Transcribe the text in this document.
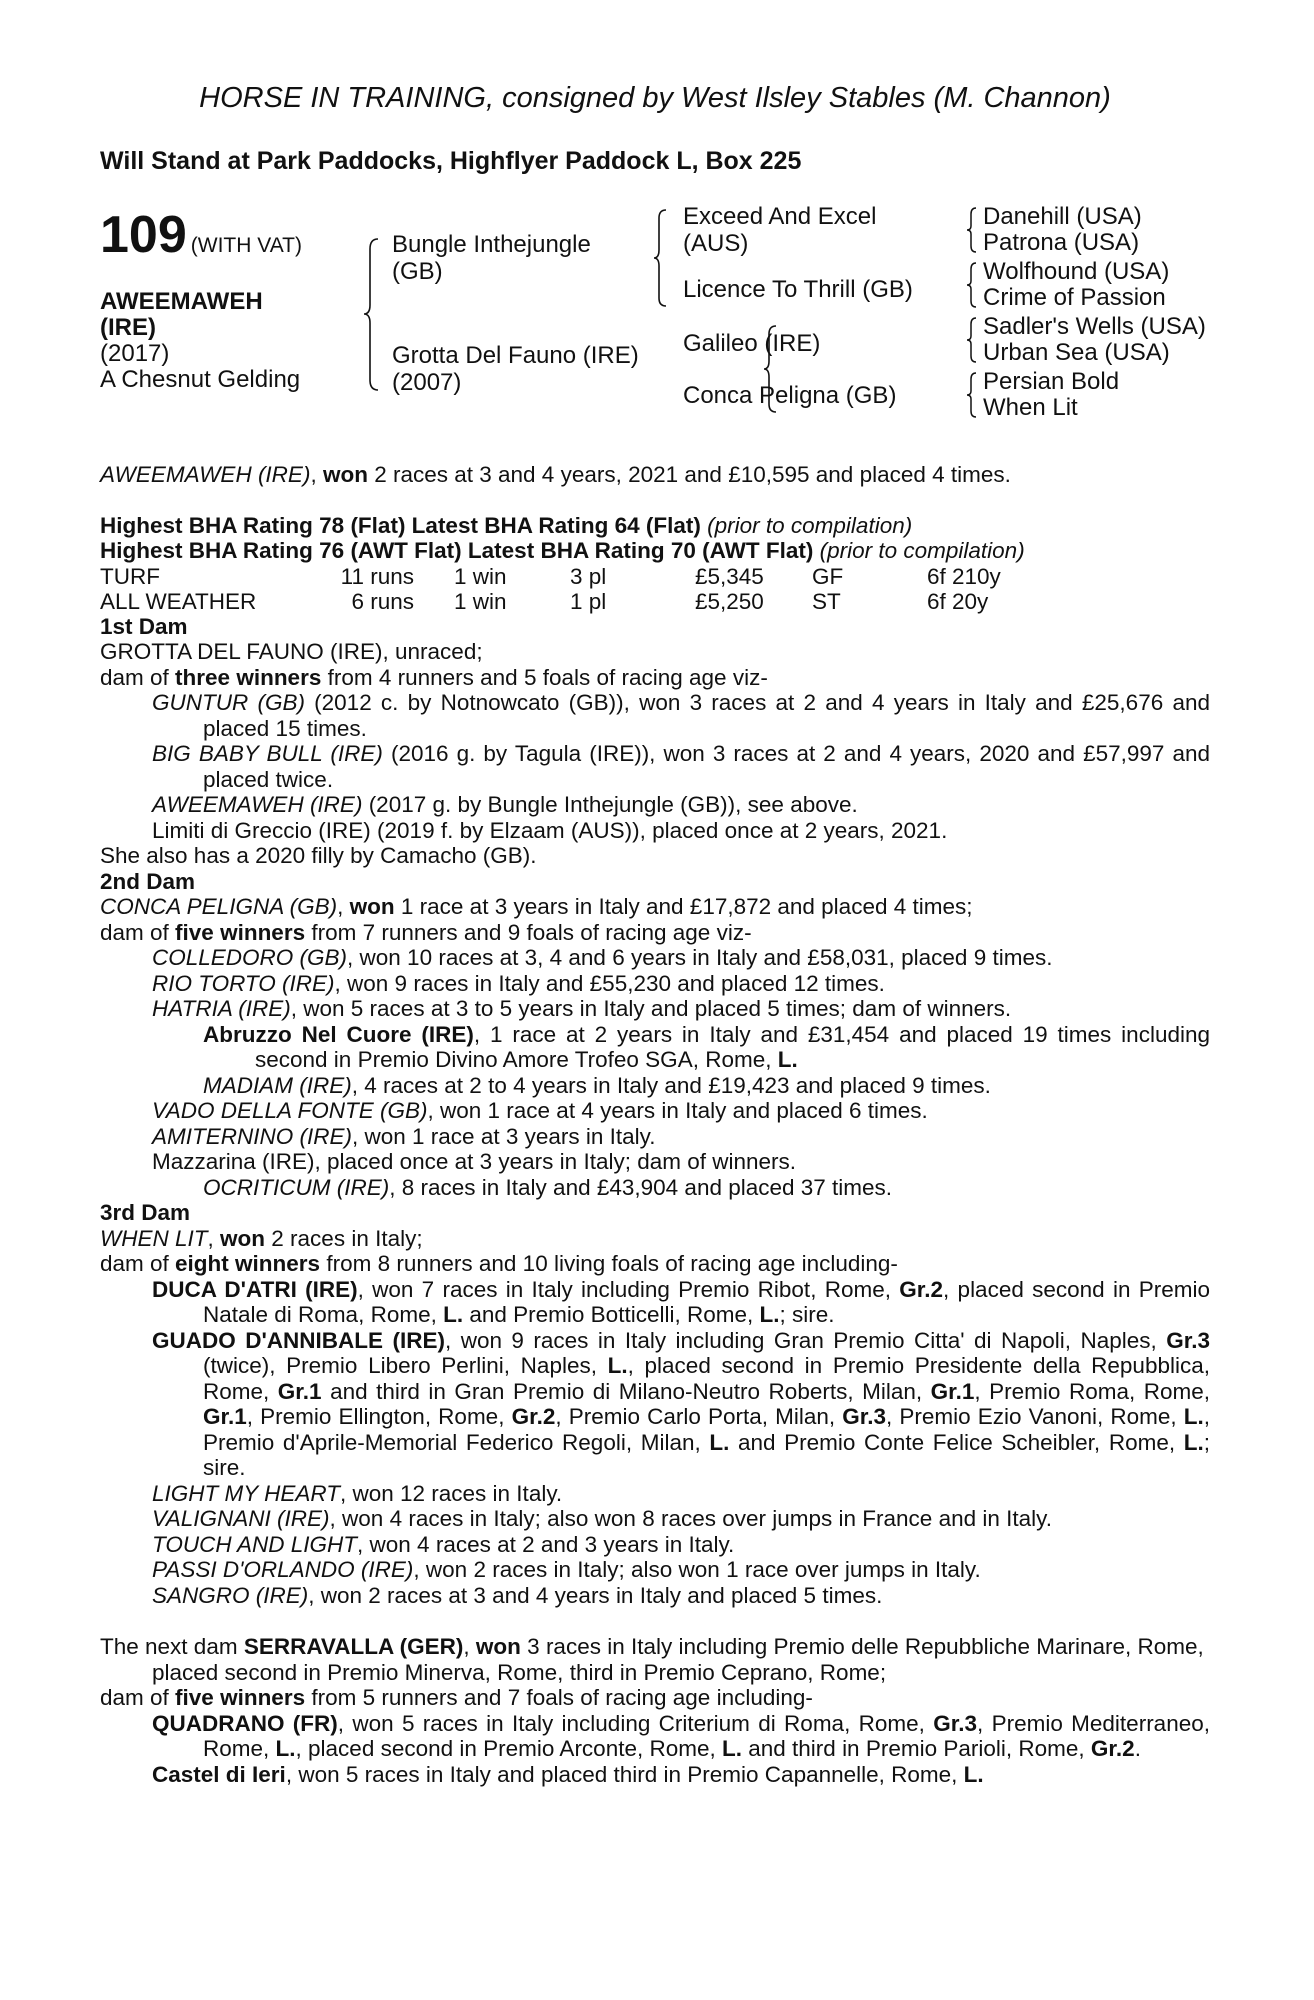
HORSE IN TRAINING, consigned by West Ilsley Stables (M. Channon)
Will Stand at Park Paddocks, Highflyer Paddock L, Box 225
109 (WITH VAT)
AWEEMAWEH
(IRE)
(2017)
A Chesnut Gelding
Bungle Inthejungle
(GB)
Grotta Del Fauno (IRE)
(2007)
Exceed And Excel
(AUS)
Licence To Thrill (GB)
Galileo (IRE)
Conca Peligna (GB)
Danehill (USA)
Patrona (USA)
Wolfhound (USA)
Crime of Passion
Sadler's Wells (USA)
Urban Sea (USA)
Persian Bold
When Lit

AWEEMAWEH (IRE), won 2 races at 3 and 4 years, 2021 and £10,595 and placed 4 times.

Highest BHA Rating 78 (Flat) Latest BHA Rating 64 (Flat) (prior to compilation)

Highest BHA Rating 76 (AWT Flat) Latest BHA Rating 70 (AWT Flat) (prior to compilation)

TURF	11 runs	1 win	3 pl	£5,345	GF	6f 210y
ALL WEATHER	6 runs	1 win	1 pl	£5,250	ST	6f 20y

1st Dam

GROTTA DEL FAUNO (IRE), unraced;

dam of three winners from 4 runners and 5 foals of racing age viz-

GUNTUR (GB) (2012 c. by Notnowcato (GB)), won 3 races at 2 and 4 years in Italy and £25,676 and placed 15 times.

BIG BABY BULL (IRE) (2016 g. by Tagula (IRE)), won 3 races at 2 and 4 years, 2020 and £57,997 and placed twice.

AWEEMAWEH (IRE) (2017 g. by Bungle Inthejungle (GB)), see above.

Limiti di Greccio (IRE) (2019 f. by Elzaam (AUS)), placed once at 2 years, 2021.

She also has a 2020 filly by Camacho (GB).

2nd Dam

CONCA PELIGNA (GB), won 1 race at 3 years in Italy and £17,872 and placed 4 times;

dam of five winners from 7 runners and 9 foals of racing age viz-

COLLEDORO (GB), won 10 races at 3, 4 and 6 years in Italy and £58,031, placed 9 times.

RIO TORTO (IRE), won 9 races in Italy and £55,230 and placed 12 times.

HATRIA (IRE), won 5 races at 3 to 5 years in Italy and placed 5 times; dam of winners.

Abruzzo Nel Cuore (IRE), 1 race at 2 years in Italy and £31,454 and placed 19 times including second in Premio Divino Amore Trofeo SGA, Rome, L.

MADIAM (IRE), 4 races at 2 to 4 years in Italy and £19,423 and placed 9 times.

VADO DELLA FONTE (GB), won 1 race at 4 years in Italy and placed 6 times.

AMITERNINO (IRE), won 1 race at 3 years in Italy.

Mazzarina (IRE), placed once at 3 years in Italy; dam of winners.

OCRITICUM (IRE), 8 races in Italy and £43,904 and placed 37 times.

3rd Dam

WHEN LIT, won 2 races in Italy;

dam of eight winners from 8 runners and 10 living foals of racing age including-

DUCA D'ATRI (IRE), won 7 races in Italy including Premio Ribot, Rome, Gr.2, placed second in Premio Natale di Roma, Rome, L. and Premio Botticelli, Rome, L.; sire.

GUADO D'ANNIBALE (IRE), won 9 races in Italy including Gran Premio Citta' di Napoli, Naples, Gr.3 (twice), Premio Libero Perlini, Naples, L., placed second in Premio Presidente della Repubblica, Rome, Gr.1 and third in Gran Premio di Milano-Neutro Roberts, Milan, Gr.1, Premio Roma, Rome, Gr.1, Premio Ellington, Rome, Gr.2, Premio Carlo Porta, Milan, Gr.3, Premio Ezio Vanoni, Rome, L., Premio d'Aprile-Memorial Federico Regoli, Milan, L. and Premio Conte Felice Scheibler, Rome, L.; sire.

LIGHT MY HEART, won 12 races in Italy.

VALIGNANI (IRE), won 4 races in Italy; also won 8 races over jumps in France and in Italy.

TOUCH AND LIGHT, won 4 races at 2 and 3 years in Italy.

PASSI D'ORLANDO (IRE), won 2 races in Italy; also won 1 race over jumps in Italy.

SANGRO (IRE), won 2 races at 3 and 4 years in Italy and placed 5 times.

The next dam SERRAVALLA (GER), won 3 races in Italy including Premio delle Repubbliche Marinare, Rome, placed second in Premio Minerva, Rome, third in Premio Ceprano, Rome;

dam of five winners from 5 runners and 7 foals of racing age including-

QUADRANO (FR), won 5 races in Italy including Criterium di Roma, Rome, Gr.3, Premio Mediterraneo, Rome, L., placed second in Premio Arconte, Rome, L. and third in Premio Parioli, Rome, Gr.2.

Castel di Ieri, won 5 races in Italy and placed third in Premio Capannelle, Rome, L.
